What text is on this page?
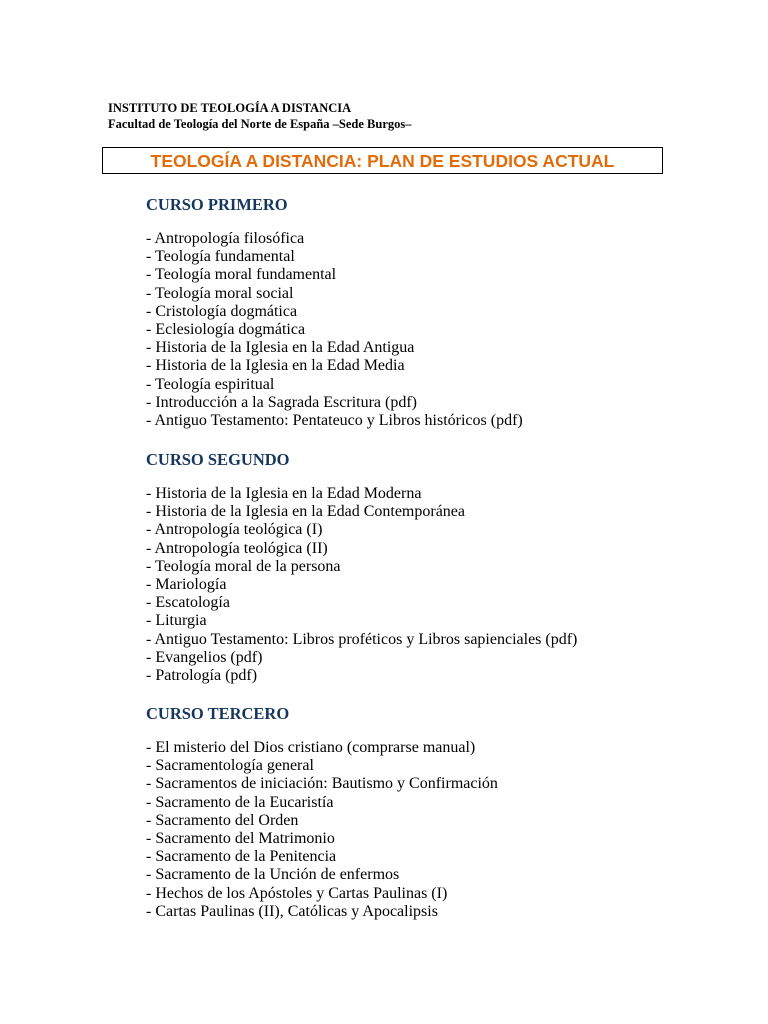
INSTITUTO DE TEOLOGÍA A DISTANCIA
Facultad de Teología del Norte de España –Sede Burgos–
TEOLOGÍA A DISTANCIA: PLAN DE ESTUDIOS ACTUAL
CURSO PRIMERO
- Antropología filosófica
- Teología fundamental
- Teología moral fundamental
- Teología moral social
- Cristología dogmática
- Eclesiología dogmática
- Historia de la Iglesia en la Edad Antigua
- Historia de la Iglesia en la Edad Media
- Teología espiritual
- Introducción a la Sagrada Escritura (pdf)
- Antiguo Testamento: Pentateuco y Libros históricos (pdf)
CURSO SEGUNDO
- Historia de la Iglesia en la Edad Moderna
- Historia de la Iglesia en la Edad Contemporánea
- Antropología teológica (I)
- Antropología teológica (II)
- Teología moral de la persona
- Mariología
- Escatología
- Liturgia
- Antiguo Testamento: Libros proféticos y Libros sapienciales (pdf)
- Evangelios (pdf)
- Patrología (pdf)
CURSO TERCERO
- El misterio del Dios cristiano (comprarse manual)
- Sacramentología general
- Sacramentos de iniciación: Bautismo y Confirmación
- Sacramento de la Eucaristía
- Sacramento del Orden
- Sacramento del Matrimonio
- Sacramento de la Penitencia
- Sacramento de la Unción de enfermos
- Hechos de los Apóstoles y Cartas Paulinas (I)
- Cartas Paulinas (II), Católicas y Apocalipsis
